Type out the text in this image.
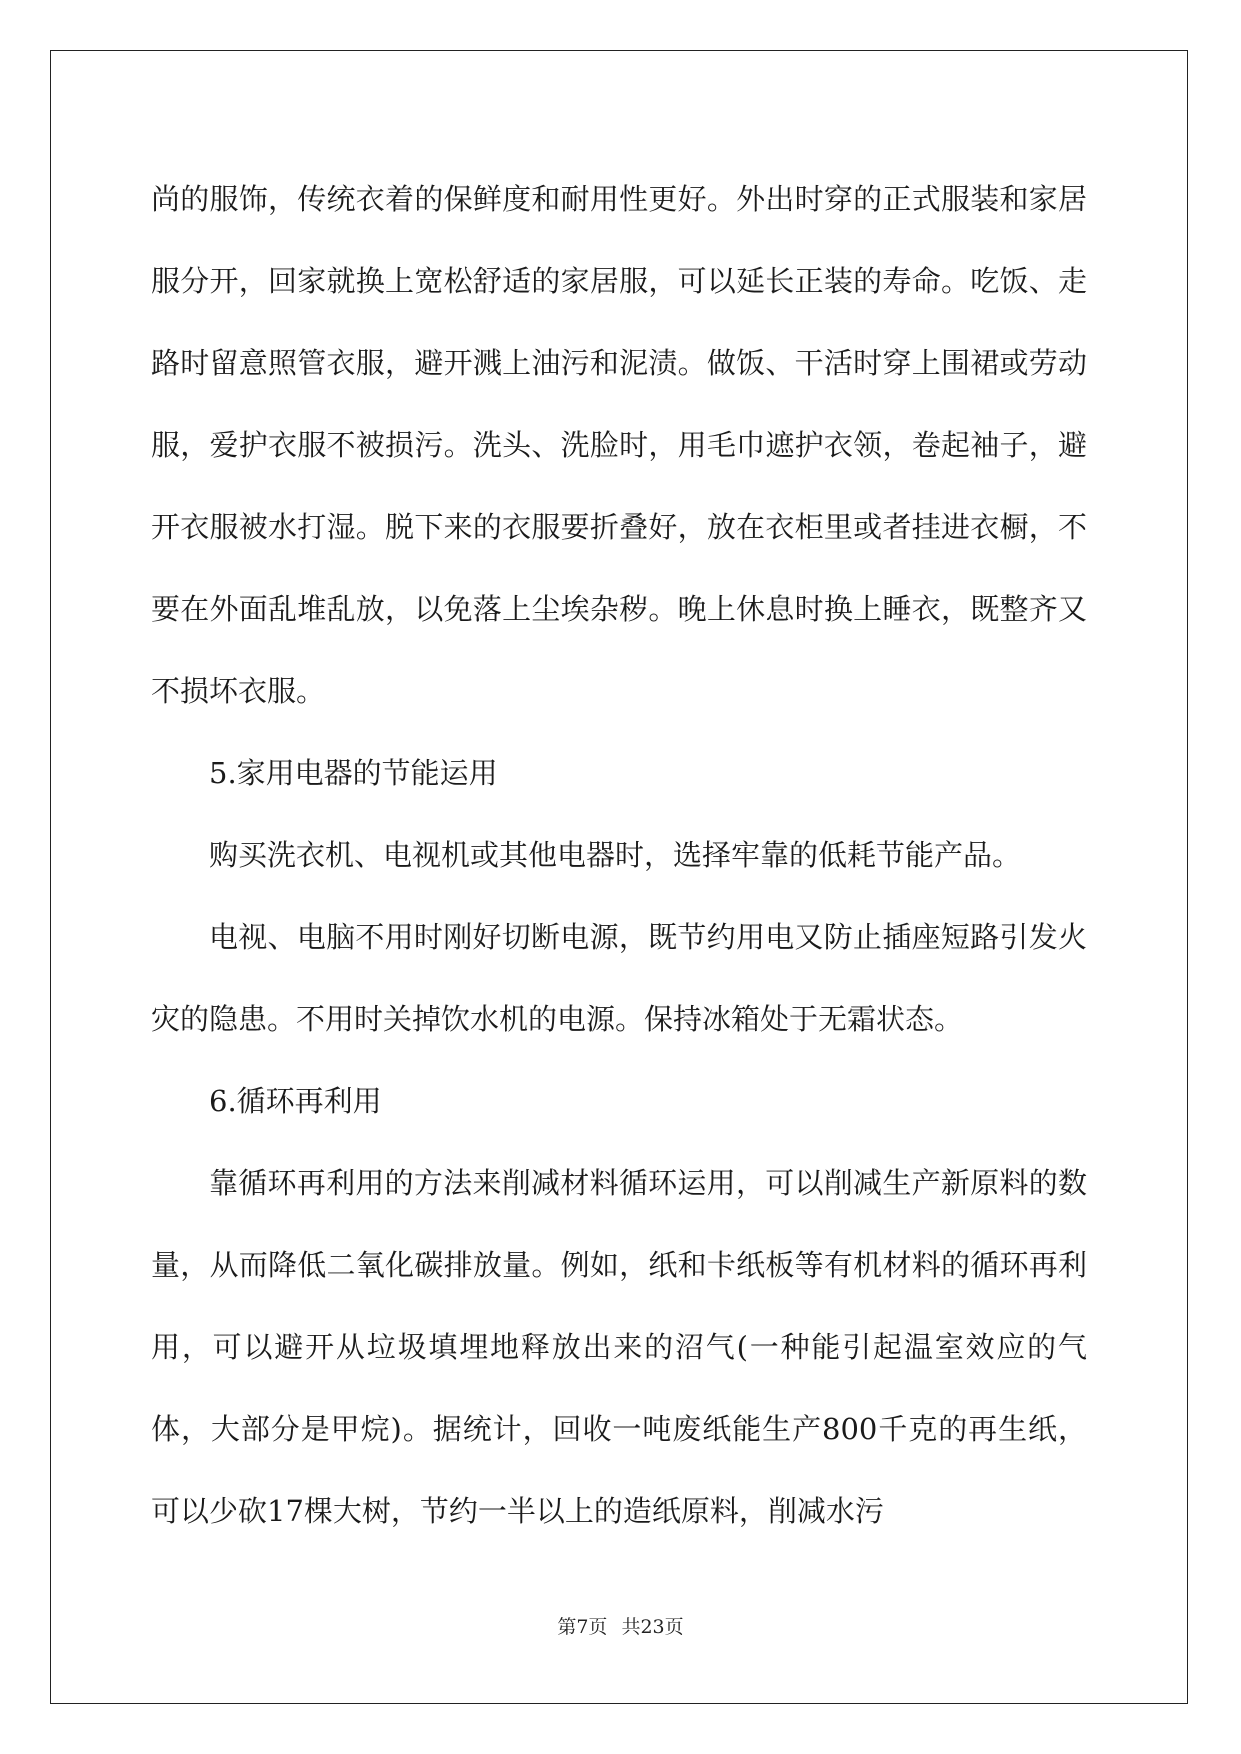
尚的服饰，传统衣着的保鲜度和耐用性更好。外出时穿的正式服装和家居服分开，回家就换上宽松舒适的家居服，可以延长正装的寿命。吃饭、走路时留意照管衣服，避开溅上油污和泥渍。做饭、干活时穿上围裙或劳动服，爱护衣服不被损污。洗头、洗脸时，用毛巾遮护衣领，卷起袖子，避开衣服被水打湿。脱下来的衣服要折叠好，放在衣柜里或者挂进衣橱，不要在外面乱堆乱放，以免落上尘埃杂秽。晚上休息时换上睡衣，既整齐又不损坏衣服。

5.家用电器的节能运用

购买洗衣机、电视机或其他电器时，选择牢靠的低耗节能产品。

电视、电脑不用时刚好切断电源，既节约用电又防止插座短路引发火灾的隐患。不用时关掉饮水机的电源。保持冰箱处于无霜状态。

6.循环再利用

靠循环再利用的方法来削减材料循环运用，可以削减生产新原料的数量，从而降低二氧化碳排放量。例如，纸和卡纸板等有机材料的循环再利用，可以避开从垃圾填埋地释放出来的沼气(一种能引起温室效应的气体，大部分是甲烷)。据统计，回收一吨废纸能生产800千克的再生纸，可以少砍17棵大树，节约一半以上的造纸原料，削减水污

第7页 共23页
